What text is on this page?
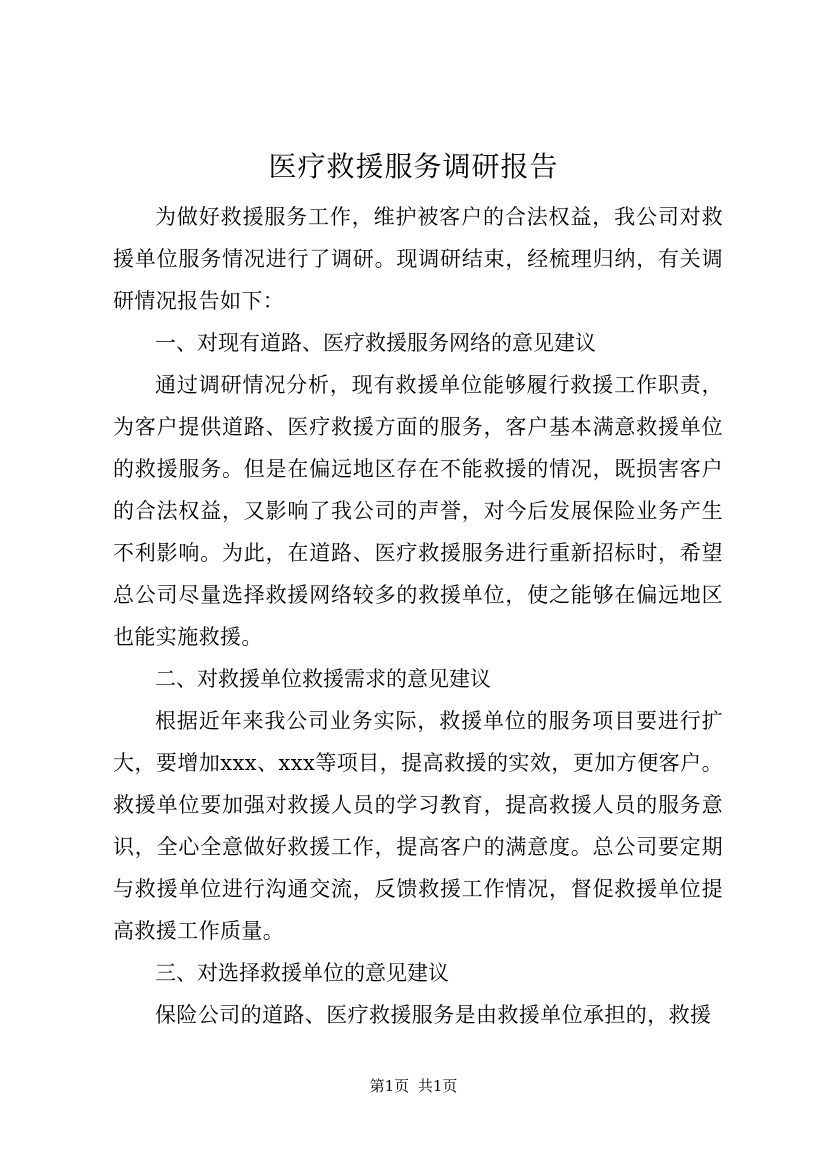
医疗救援服务调研报告

为做好救援服务工作，维护被客户的合法权益，我公司对救援单位服务情况进行了调研。现调研结束，经梳理归纳，有关调研情况报告如下：

一、对现有道路、医疗救援服务网络的意见建议

通过调研情况分析，现有救援单位能够履行救援工作职责，为客户提供道路、医疗救援方面的服务，客户基本满意救援单位的救援服务。但是在偏远地区存在不能救援的情况，既损害客户的合法权益，又影响了我公司的声誉，对今后发展保险业务产生不利影响。为此，在道路、医疗救援服务进行重新招标时，希望总公司尽量选择救援网络较多的救援单位，使之能够在偏远地区也能实施救援。

二、对救援单位救援需求的意见建议

根据近年来我公司业务实际，救援单位的服务项目要进行扩大，要增加xxx、xxx等项目，提高救援的实效，更加方便客户。救援单位要加强对救援人员的学习教育，提高救援人员的服务意识，全心全意做好救援工作，提高客户的满意度。总公司要定期与救援单位进行沟通交流，反馈救援工作情况，督促救援单位提高救援工作质量。

三、对选择救援单位的意见建议

保险公司的道路、医疗救援服务是由救援单位承担的，救援

第1页 共1页
